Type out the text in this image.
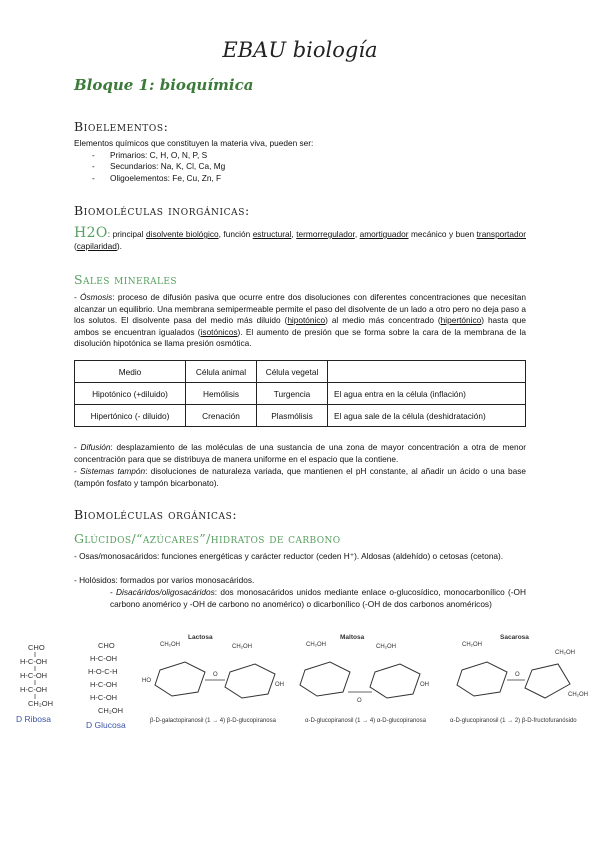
EBAU biología
Bloque 1: bioquímica
Bioelementos:
Elementos químicos que constituyen la materia viva, pueden ser:
- Primarios: C, H, O, N, P, S
- Secundarios: Na, K, Cl, Ca, Mg
- Oligoelementos: Fe, Cu, Zn, F
Biomoléculas inorgánicas:
H2O: principal disolvente biológico, función estructural, termorregulador, amortiguador mecánico y buen transportador (capilaridad).
Sales minerales
- Ósmosis: proceso de difusión pasiva que ocurre entre dos disoluciones con diferentes concentraciones que necesitan alcanzar un equilibrio. Una membrana semipermeable permite el paso del disolvente de un lado a otro pero no deja paso a los solutos. El disolvente pasa del medio más diluido (hipotónico) al medio más concentrado (hipertónico) hasta que ambos se encuentran igualados (isotónicos). El aumento de presión que se forma sobre la cara de la membrana de la disolución hipotónica se llama presión osmótica.
Medio	Célula animal	Célula vegetal	
Hipotónico (+diluido)	Hemólisis	Turgencia	El agua entra en la célula (inflación)
Hipertónico (- diluido)	Crenación	Plasmólisis	El agua sale de la célula (deshidratación)
- Difusión: desplazamiento de las moléculas de una sustancia de una zona de mayor concentración a otra de menor concentración para que se distribuya de manera uniforme en el espacio que la contiene.
- Sistemas tampón: disoluciones de naturaleza variada, que mantienen el pH constante, al añadir un ácido o una base (tampón fosfato y tampón bicarbonato).
Biomoléculas orgánicas:
Glúcidos/“azúcares”/hidratos de carbono
- Osas/monosacáridos: funciones energéticas y carácter reductor (ceden H⁺). Aldosas (aldehído) o cetosas (cetona).
- Holósidos: formados por varios monosacáridos.
- Disacáridos/oligosacáridos: dos monosacáridos unidos mediante enlace o-glucosídico, monocarbonílico (-OH carbono anomérico y -OH de carbono no anomérico) o dicarbonílico (-OH de dos carbonos anoméricos)
CHO
H-C-OH
H-C-OH
H-C-OH
CH₂OH
D Ribosa
CHO
H-C-OH
H-O-C-H
H-C-OH
H-C-OH
CH₂OH
D Glucosa
Lactosa
CH₂OH	CH₂OH
HO
OH
O
β-D-galactopiranosil (1 → 4) β-D-glucopiranosa
Maltosa
CH₂OH	CH₂OH
O
OH
α-D-glucopiranosil (1 → 4) α-D-glucopiranosa
Sacarosa
CH₂OH
CH₂OH
O
CH₂OH
α-D-glucopiranosil (1 → 2) β-D-fructofuranósido
